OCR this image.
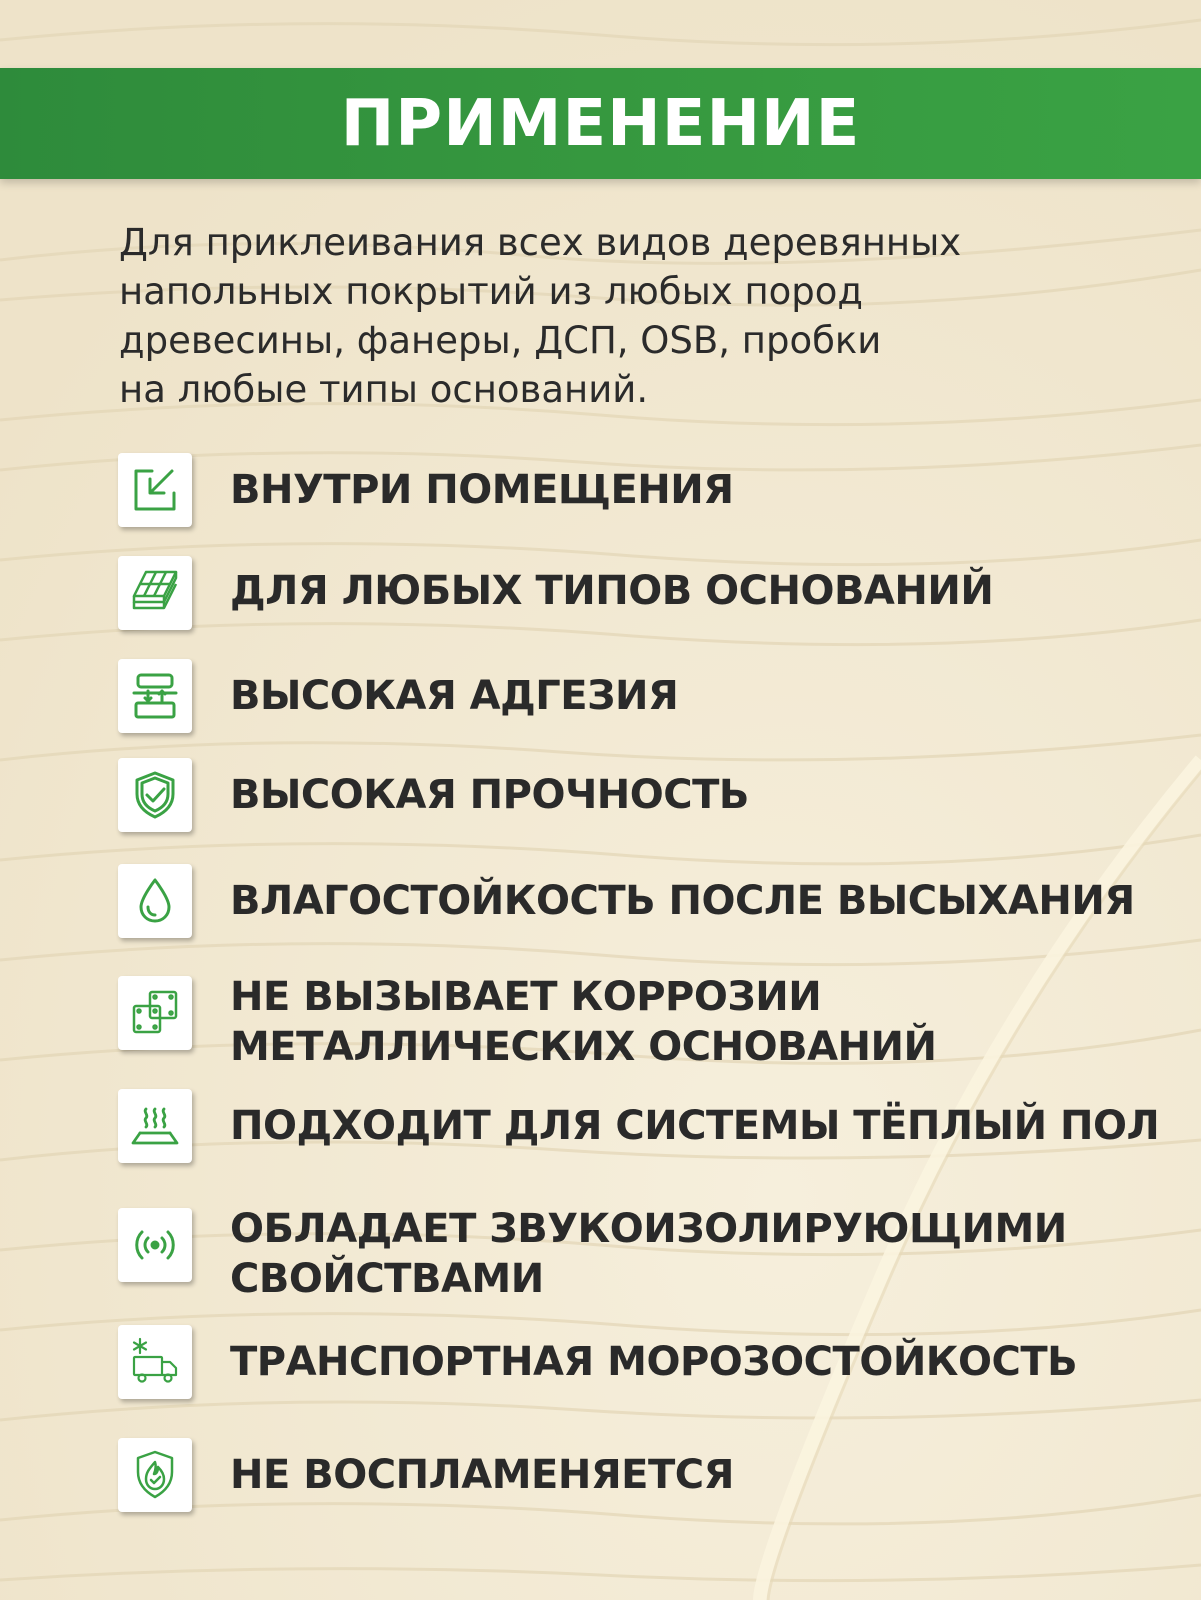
ПРИМЕНЕНИЕ

Для приклеивания всех видов деревянных

напольных покрытий из любых пород

древесины, фанеры, ДСП, OSB, пробки

на любые типы оснований.

ВНУТРИ ПОМЕЩЕНИЯ
ДЛЯ ЛЮБЫХ ТИПОВ ОСНОВАНИЙ
ВЫСОКАЯ АДГЕЗИЯ
ВЫСОКАЯ ПРОЧНОСТЬ
ВЛАГОСТОЙКОСТЬ ПОСЛЕ ВЫСЫХАНИЯ
НЕ ВЫЗЫВАЕТ КОРРОЗИИ
МЕТАЛЛИЧЕСКИХ ОСНОВАНИЙ
ПОДХОДИТ ДЛЯ СИСТЕМЫ ТЁПЛЫЙ ПОЛ
ОБЛАДАЕТ ЗВУКОИЗОЛИРУЮЩИМИ
СВОЙСТВАМИ
ТРАНСПОРТНАЯ МОРОЗОСТОЙКОСТЬ
НЕ ВОСПЛАМЕНЯЕТСЯ
